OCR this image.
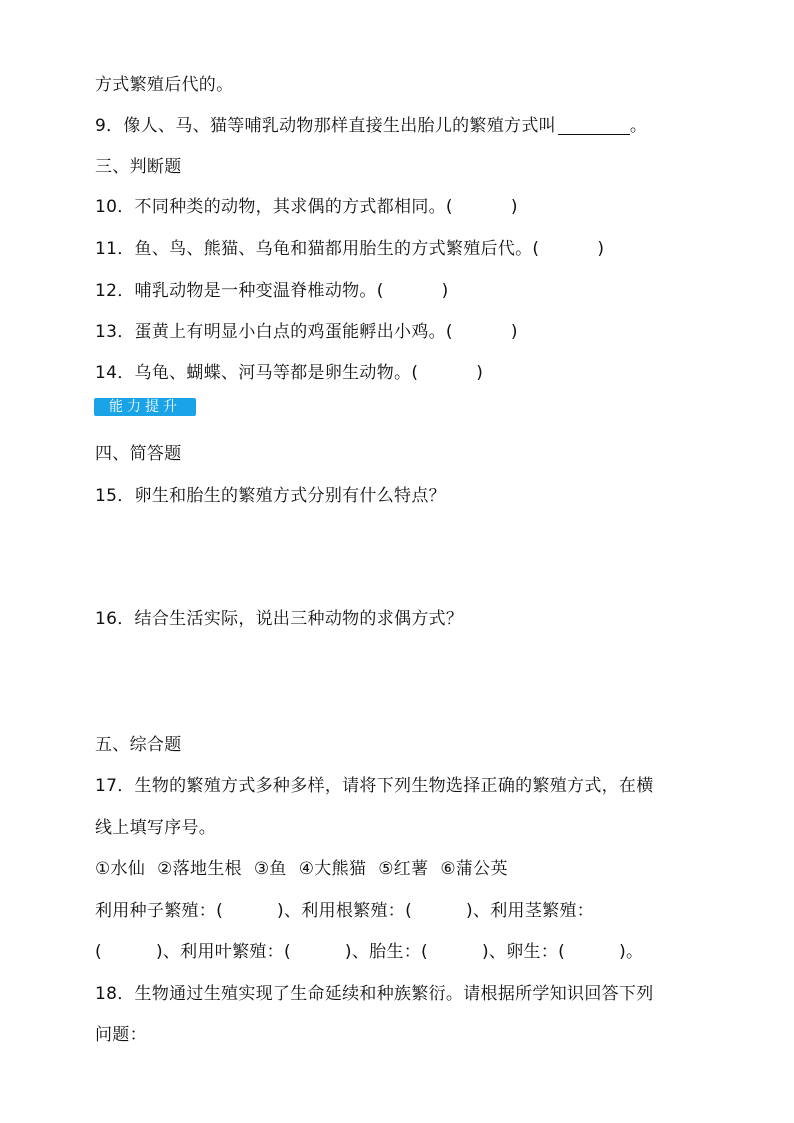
方式繁殖后代的。
9．像人、马、猫等哺乳动物那样直接生出胎儿的繁殖方式叫	。
三、判断题
10．不同种类的动物，其求偶的方式都相同。(	)
11．鱼、鸟、熊猫、乌龟和猫都用胎生的方式繁殖后代。(	)
12．哺乳动物是一种变温脊椎动物。(	)
13．蛋黄上有明显小白点的鸡蛋能孵出小鸡。(	)
14．乌龟、蝴蝶、河马等都是卵生动物。(	)
能力提升
四、简答题
15．卵生和胎生的繁殖方式分别有什么特点？
16．结合生活实际，说出三种动物的求偶方式？
五、综合题
17．生物的繁殖方式多种多样，请将下列生物选择正确的繁殖方式，在横
线上填写序号。
①水仙 ②落地生根 ③鱼 ④大熊猫 ⑤红薯 ⑥蒲公英
利用种子繁殖：(	)、利用根繁殖：(	)、利用茎繁殖：
(	)、利用叶繁殖：(	)、胎生：(	)、卵生：(	)。
18．生物通过生殖实现了生命延续和种族繁衍。请根据所学知识回答下列
问题：
